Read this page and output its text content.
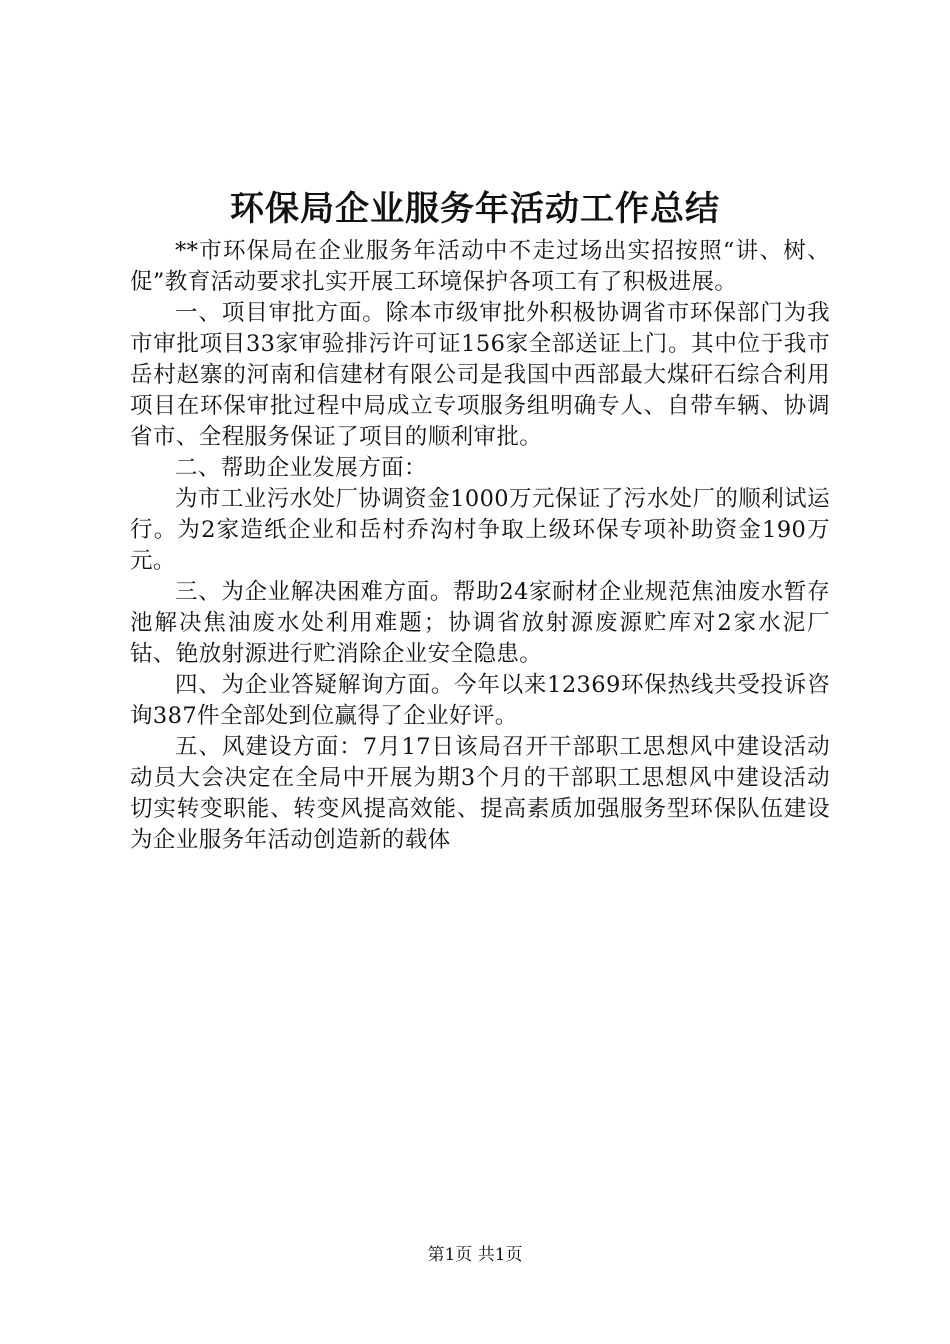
环保局企业服务年活动工作总结

**市环保局在企业服务年活动中不走过场出实招按照“讲、树、促”教育活动要求扎实开展工环境保护各项工有了积极进展。

一、项目审批方面。除本市级审批外积极协调省市环保部门为我市审批项目33家审验排污许可证156家全部送证上门。其中位于我市岳村赵寨的河南和信建材有限公司是我国中西部最大煤矸石综合利用项目在环保审批过程中局成立专项服务组明确专人、自带车辆、协调省市、全程服务保证了项目的顺利审批。

二、帮助企业发展方面：

为市工业污水处厂协调资金1000万元保证了污水处厂的顺利试运行。为2家造纸企业和岳村乔沟村争取上级环保专项补助资金190万元。

三、为企业解决困难方面。帮助24家耐材企业规范焦油废水暂存池解决焦油废水处利用难题；协调省放射源废源贮库对2家水泥厂钴、铯放射源进行贮消除企业安全隐患。

四、为企业答疑解询方面。今年以来12369环保热线共受投诉咨询387件全部处到位赢得了企业好评。

五、风建设方面：7月17日该局召开干部职工思想风中建设活动动员大会决定在全局中开展为期3个月的干部职工思想风中建设活动切实转变职能、转变风提高效能、提高素质加强服务型环保队伍建设为企业服务年活动创造新的载体

第1页 共1页
